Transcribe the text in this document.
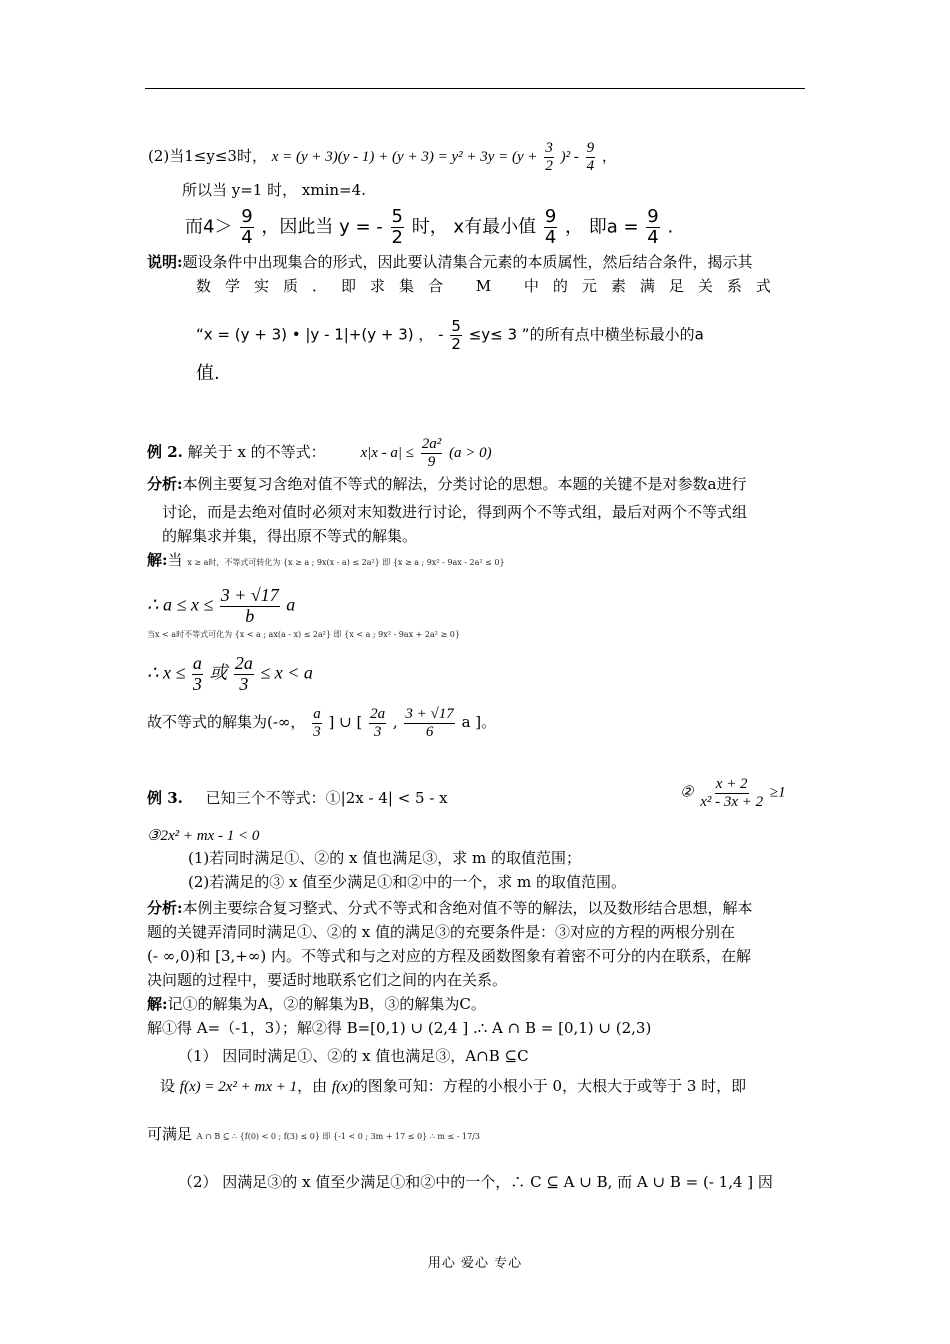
(2)当1≤y≤3时， $x = (y + 3)(y - 1) + (y + 3) = y^2 + 3y = (y + \frac{3}{2} )^2 - \frac{9}{4}$ ，
所以当 y=1 时， xmin=4.
而$4> \frac{9}{4}$ ，因此当 y = - $\frac{5}{2}$ 时， x有最小值 $\frac{9}{4}$ ， 即$a = \frac{9}{4}$ .
说明:题设条件中出现集合的形式，因此要认清集合元素的本质属性，然后结合条件，揭示其
数学实质．即求集合 M 中的元素满足关系式
“x = (y + 3) • |y - 1|+(y + 3) ， - $\frac{5}{2} \le y\le 3$ ”的所有点中横坐标最小的a
值.
例 2. 解关于 x 的不等式： $x|x - a| \le \frac{\text{2a²}}{9} (a > 0)$
分析:本例主要复习含绝对值不等式的解法，分类讨论的思想。本题的关键不是对参数a进行
讨论，而是去绝对值时必须对末知数进行讨论，得到两个不等式组，最后对两个不等式组
的解集求并集，得出原不等式的解集。
解:当 x ≥ a时，不等式可转化为 {x ≥ a ; 9x(x - a) ≤ 2a²} 即 {x ≥ a ; 9x² - 9ax - 2a² ≤ 0}
∴ $a \le x \le \frac{3 + √17}{b}$ a
当x < a时不等式可化为 {x < a ; ax(a - x) ≤ 2a²} 即 {x < a ; 9x² - 9ax + 2a² ≥ 0}
∴ $x \le \frac{a}{3}$ 或 $\frac{2a}{3} \le x < a$
故不等式的解集为(-∞， $\frac{a}{3}$ ] ∪ [ $\frac{2a}{3}$ , $\frac{3 + √17}{6}$ a ]。
例 3. 已知三个不等式：①|2x - 4| < 5 - x	② $\frac{x + 2}{\text{x² - 3x + 2}} \ge 1$
③2x² + mx - 1 < 0
(1)若同时满足①、②的 x 值也满足③，求 m 的取值范围；
(2)若满足的③ x 值至少满足①和②中的一个，求 m 的取值范围。
分析:本例主要综合复习整式、分式不等式和含绝对值不等的解法，以及数形结合思想，解本
题的关键弄清同时满足①、②的 x 值的满足③的充要条件是：③对应的方程的两根分别在
(- ∞,0)和 [3,+∞) 内。不等式和与之对应的方程及函数图象有着密不可分的内在联系，在解
决问题的过程中，要适时地联系它们之间的内在关系。
解:记①的解集为A，②的解集为B，③的解集为C。
解①得 A=（-1，3）；解②得 B=[0,1) ∪ (2,4 ] .∴ A ∩ B = [0,1) ∪ (2,3)
（1） 因同时满足①、②的 x 值也满足③，A∩B ⊆C
设 f(x) = 2x² + mx + 1，由 f(x)的图象可知：方程的小根小于 0，大根大于或等于 3 时，即
可满足 A ∩ B ⊆ ∴ {f(0) < 0 ; f(3) ≤ 0} 即 {-1 < 0 ; 3m + 17 ≤ 0} ∴ m ≤ - 17/3
（2） 因满足③的 x 值至少满足①和②中的一个，∴ C ⊆ A ∪ B, 而 A ∪ B = (- 1,4 ] 因
用心 爱心 专心
